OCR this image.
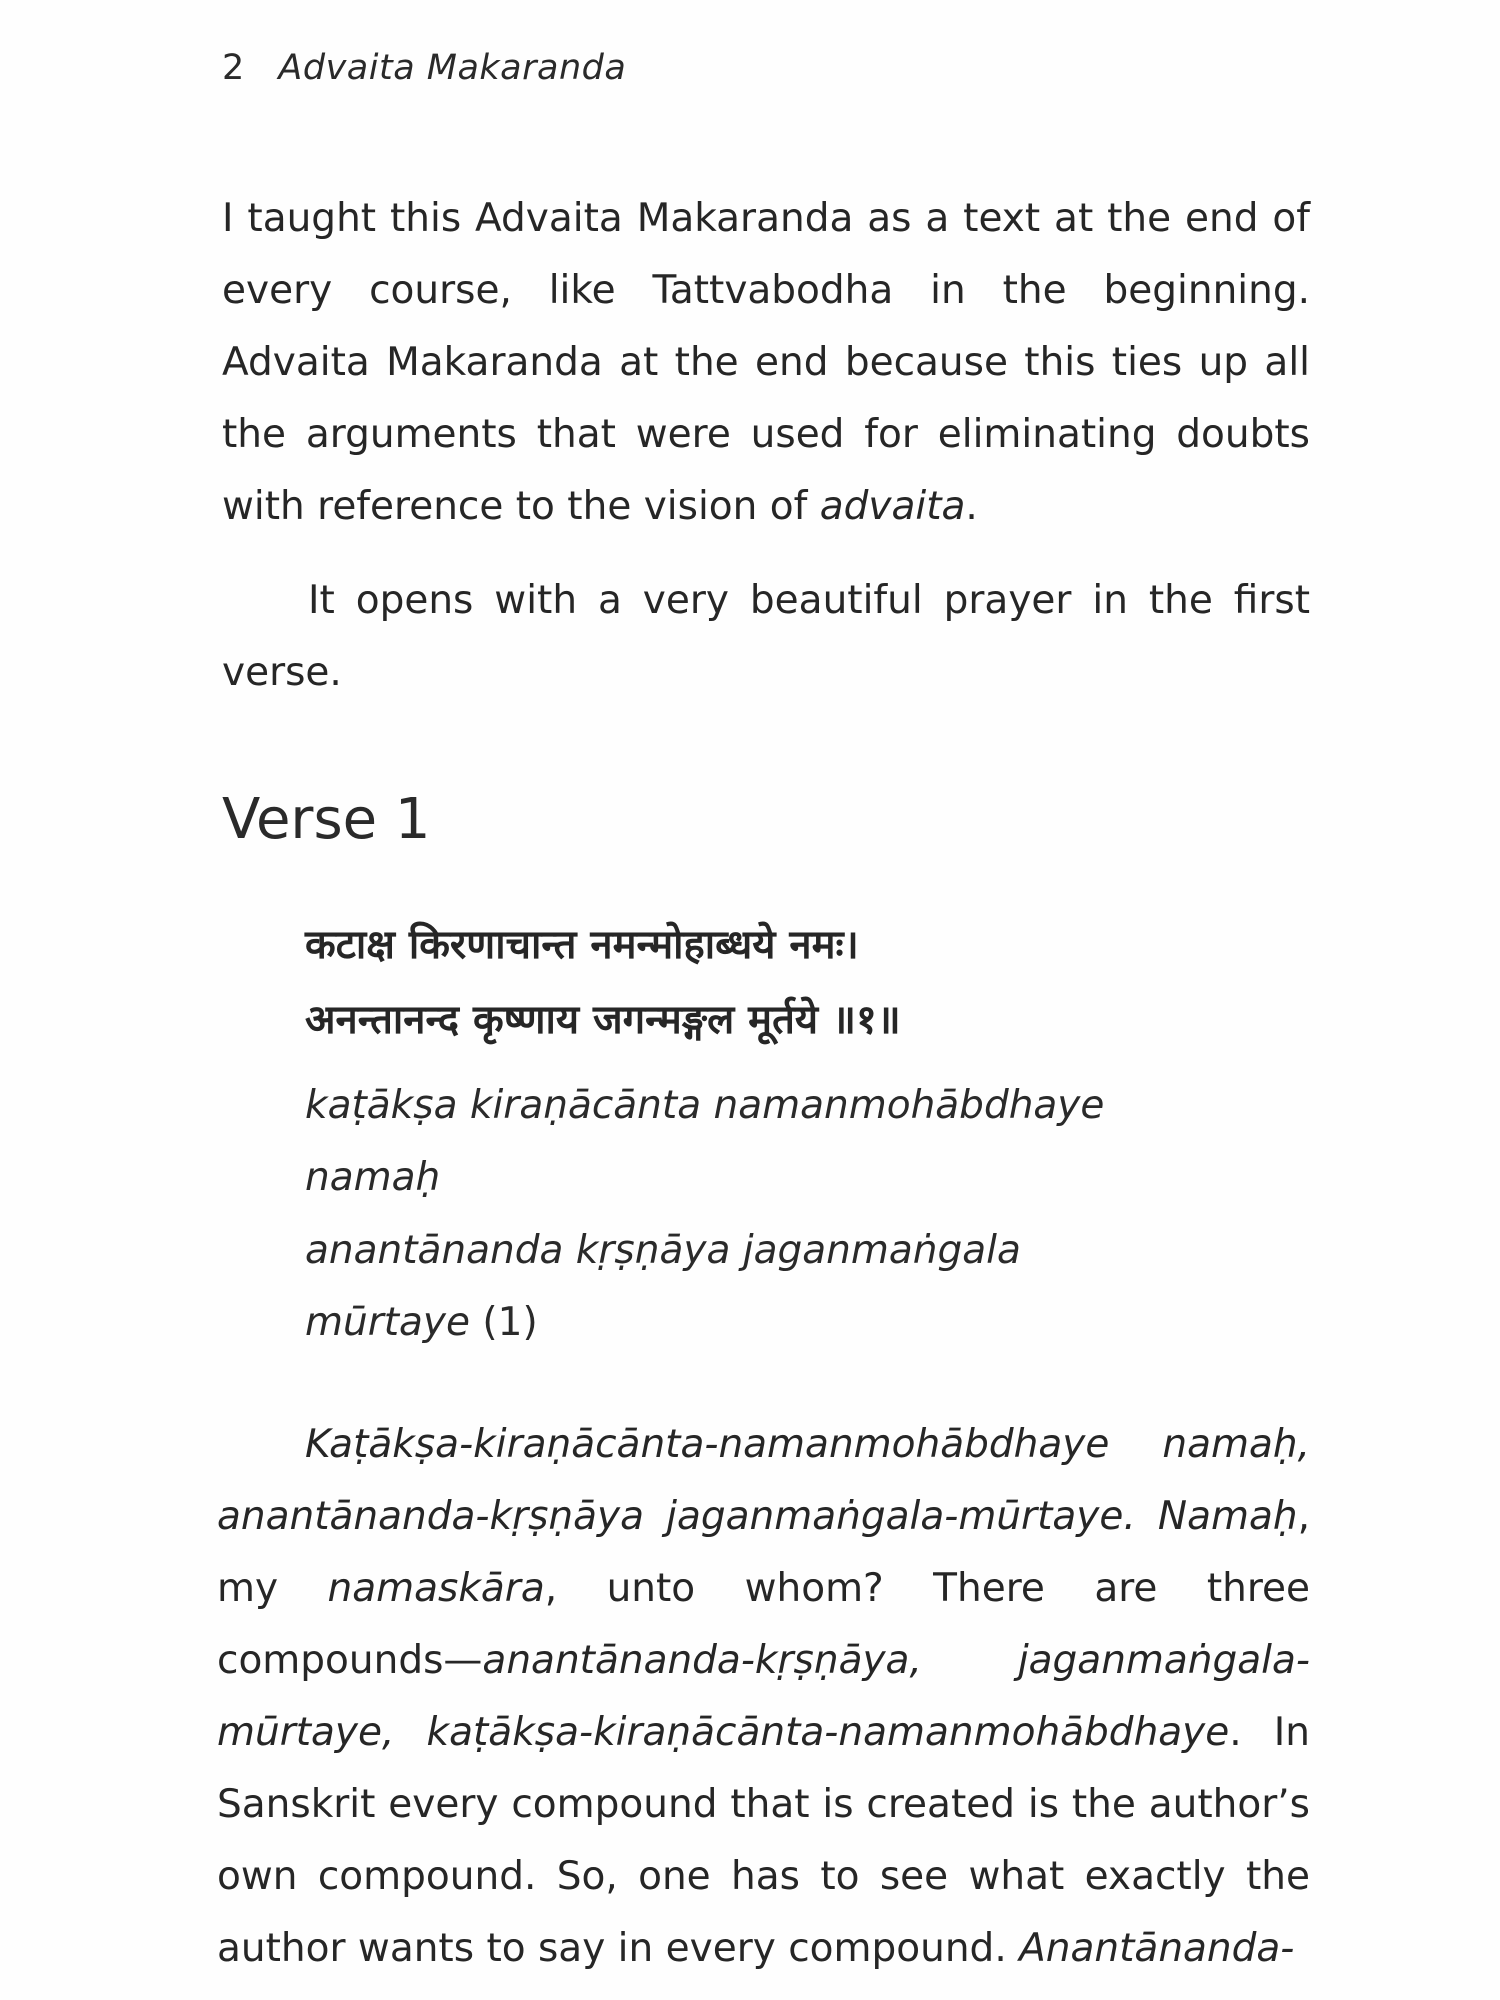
2 Advaita Makaranda

I taught this Advaita Makaranda as a text at the end of every course, like Tattvabodha in the beginning. Advaita Makaranda at the end because this ties up all the arguments that were used for eliminating doubts with reference to the vision of advaita.

It opens with a very beautiful prayer in the first verse.

Verse 1
कटाक्ष किरणाचान्त नमन्मोहाब्धये नमः।
अनन्तानन्द कृष्णाय जगन्मङ्गल मूर्तये ॥१॥
kaṭākṣa kiraṇācānta namanmohābdhaye
namaḥ
anantānanda kṛṣṇāya jaganmaṅgala
mūrtaye (1)

Kaṭākṣa-kiraṇācānta-namanmohābdhaye namaḥ, anantānanda-kṛṣṇāya jaganmaṅgala-mūrtaye. Namaḥ, my namaskāra, unto whom? There are three compounds—anantānanda-kṛṣṇāya, jaganmaṅgala-mūrtaye, kaṭākṣa-kiraṇācānta-namanmohābdhaye. In Sanskrit every compound that is created is the author’s own compound. So, one has to see what exactly the author wants to say in every compound. Anantānanda-
